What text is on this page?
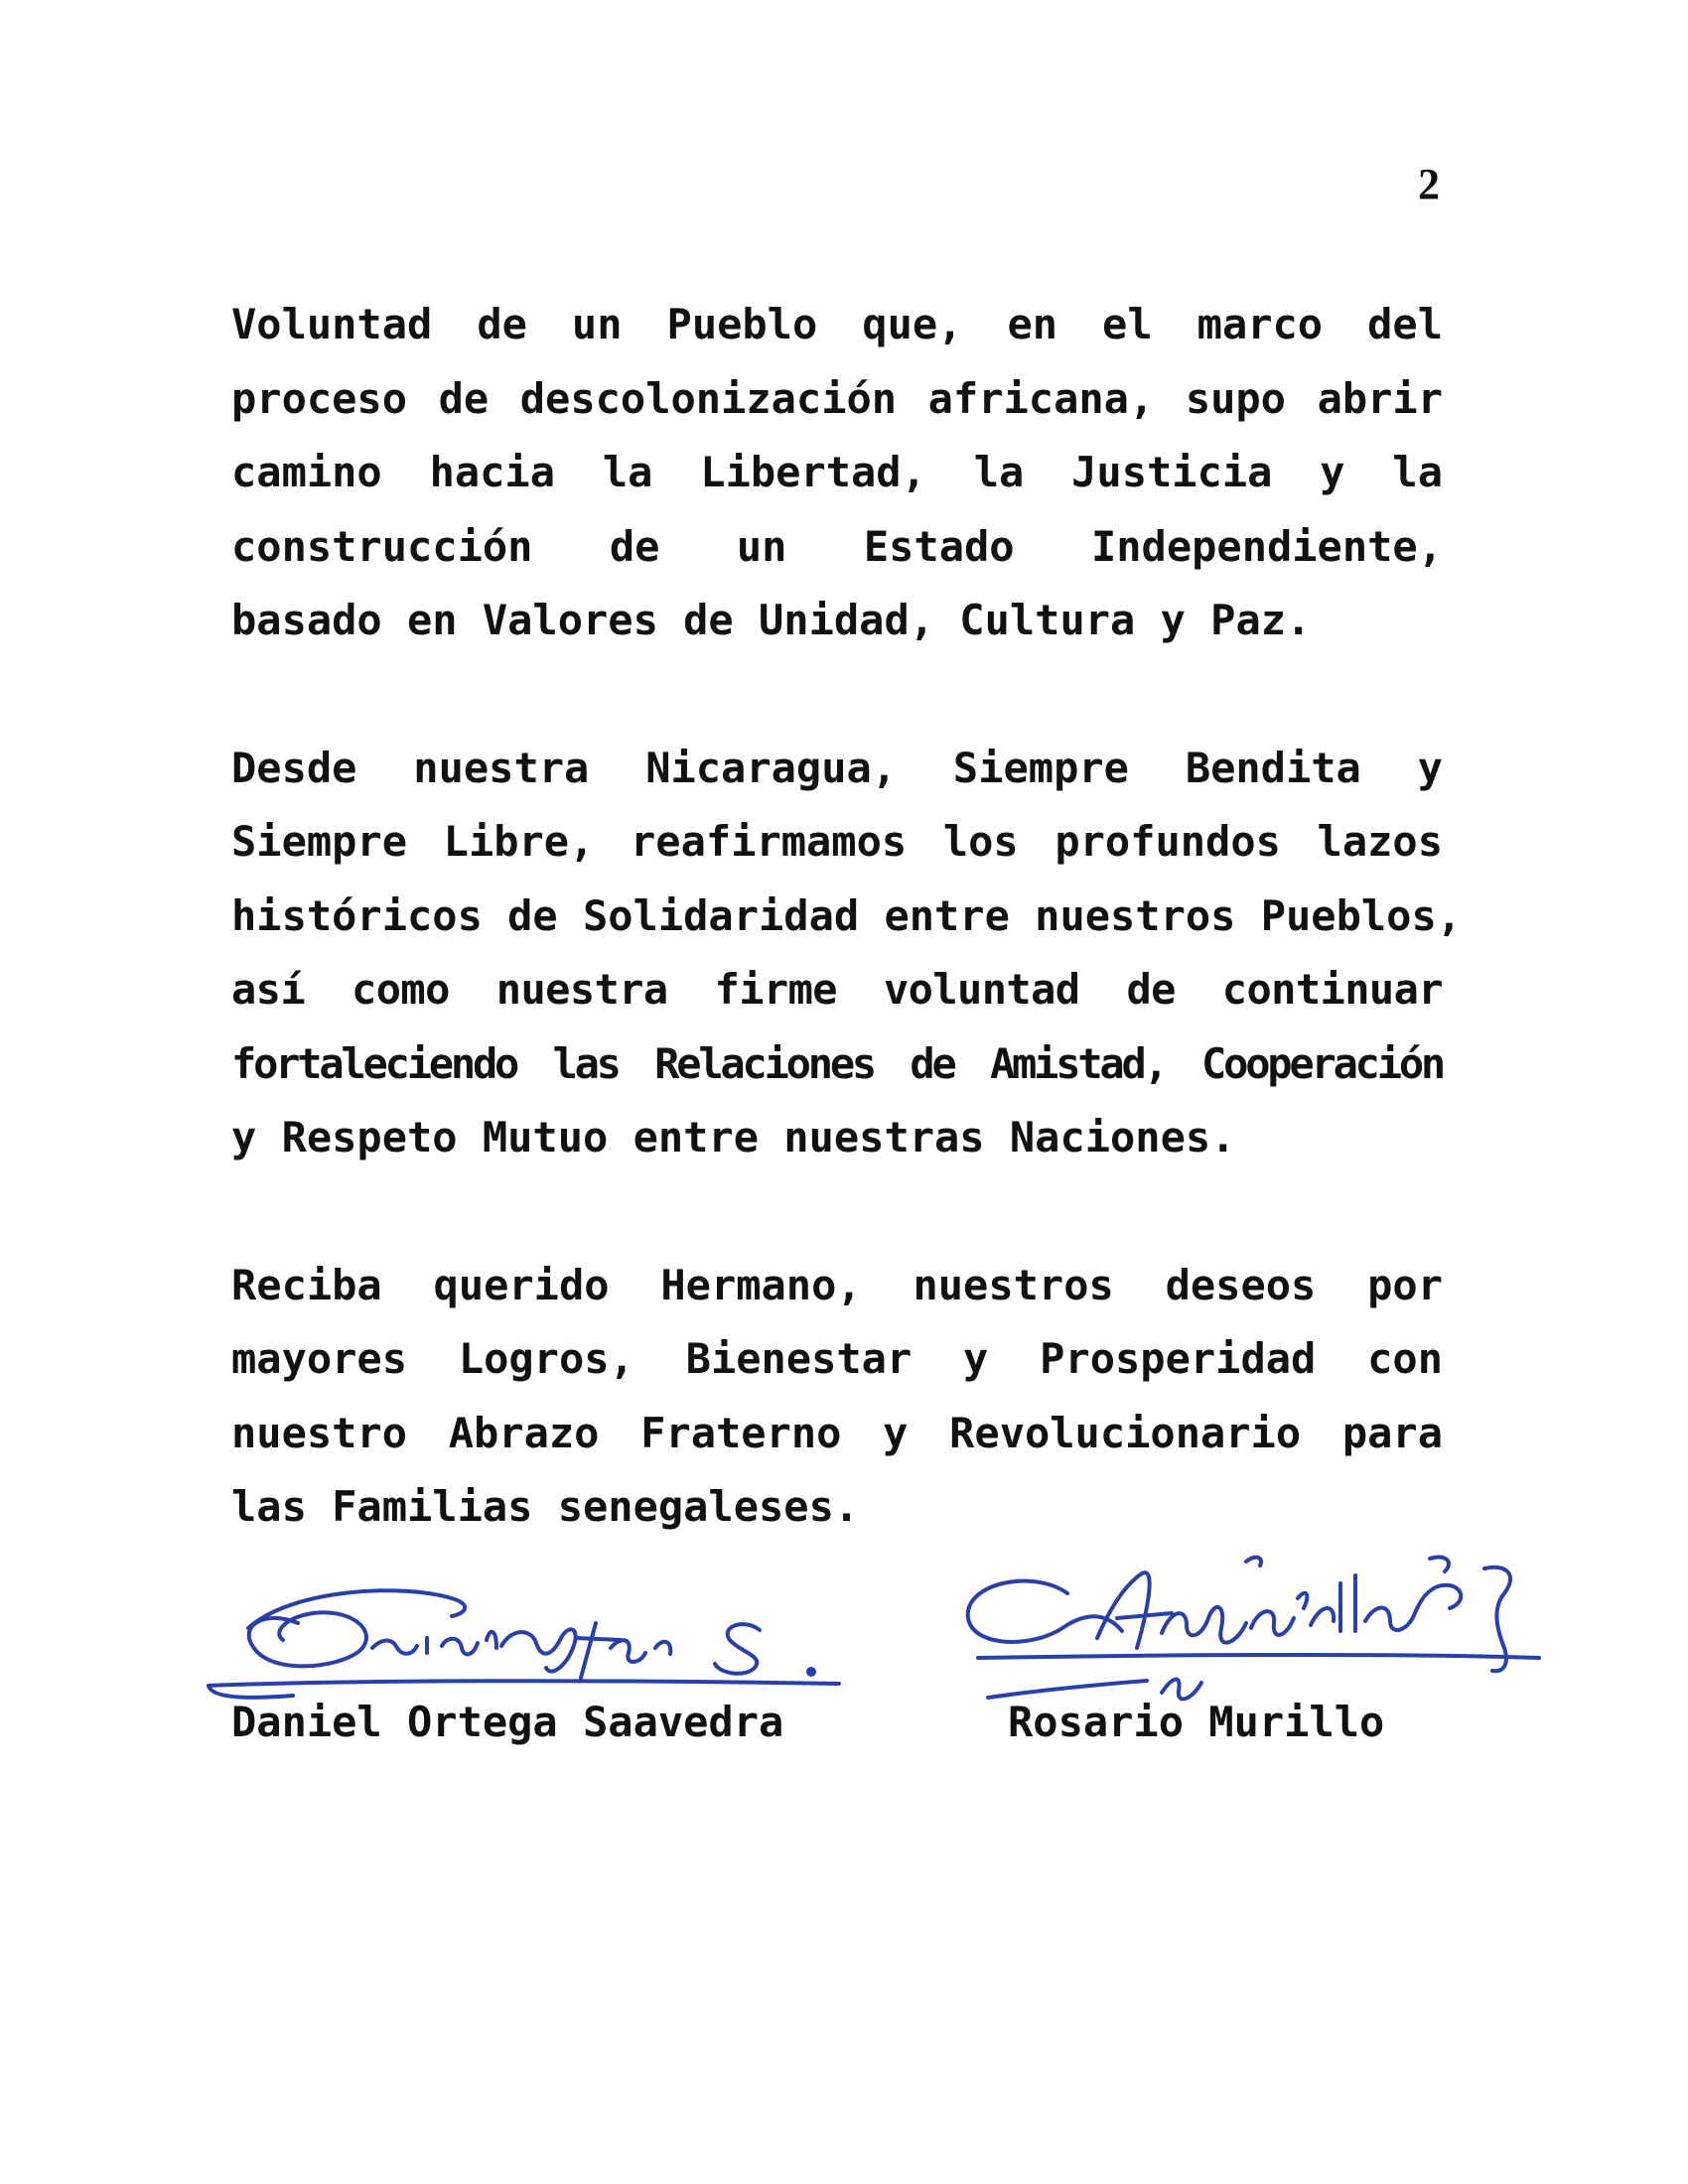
2

Voluntad de un Pueblo que, en el marco del
proceso de descolonización africana, supo abrir
camino hacia la Libertad, la Justicia y la
construcción de un Estado Independiente,
basado en Valores de Unidad, Cultura y Paz.

Desde nuestra Nicaragua, Siempre Bendita y
Siempre Libre, reafirmamos los profundos lazos
históricos de Solidaridad entre nuestros Pueblos,
así como nuestra firme voluntad de continuar
fortaleciendo las Relaciones de Amistad, Cooperación
y Respeto Mutuo entre nuestras Naciones.

Reciba querido Hermano, nuestros deseos por
mayores Logros, Bienestar y Prosperidad con
nuestro Abrazo Fraterno y Revolucionario para
las Familias senegaleses.

Daniel Ortega Saavedra	Rosario Murillo
